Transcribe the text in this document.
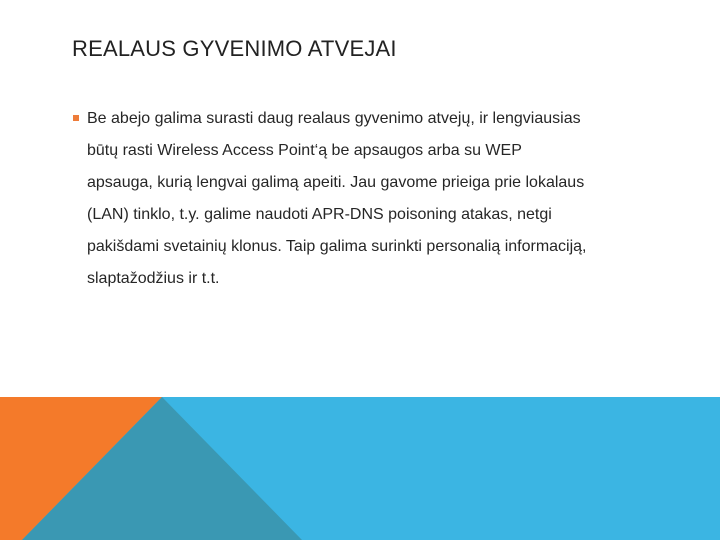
REALAUS GYVENIMO ATVEJAI
Be abejo galima surasti daug realaus gyvenimo atvejų, ir lengviausias
būtų rasti Wireless Access Point‘ą be apsaugos arba su WEP
apsauga, kurią lengvai galimą apeiti. Jau gavome prieiga prie lokalaus
(LAN) tinklo, t.y. galime naudoti APR-DNS poisoning atakas, netgi
pakišdami svetainių klonus. Taip galima surinkti personalią informaciją,
slaptažodžius ir t.t.
